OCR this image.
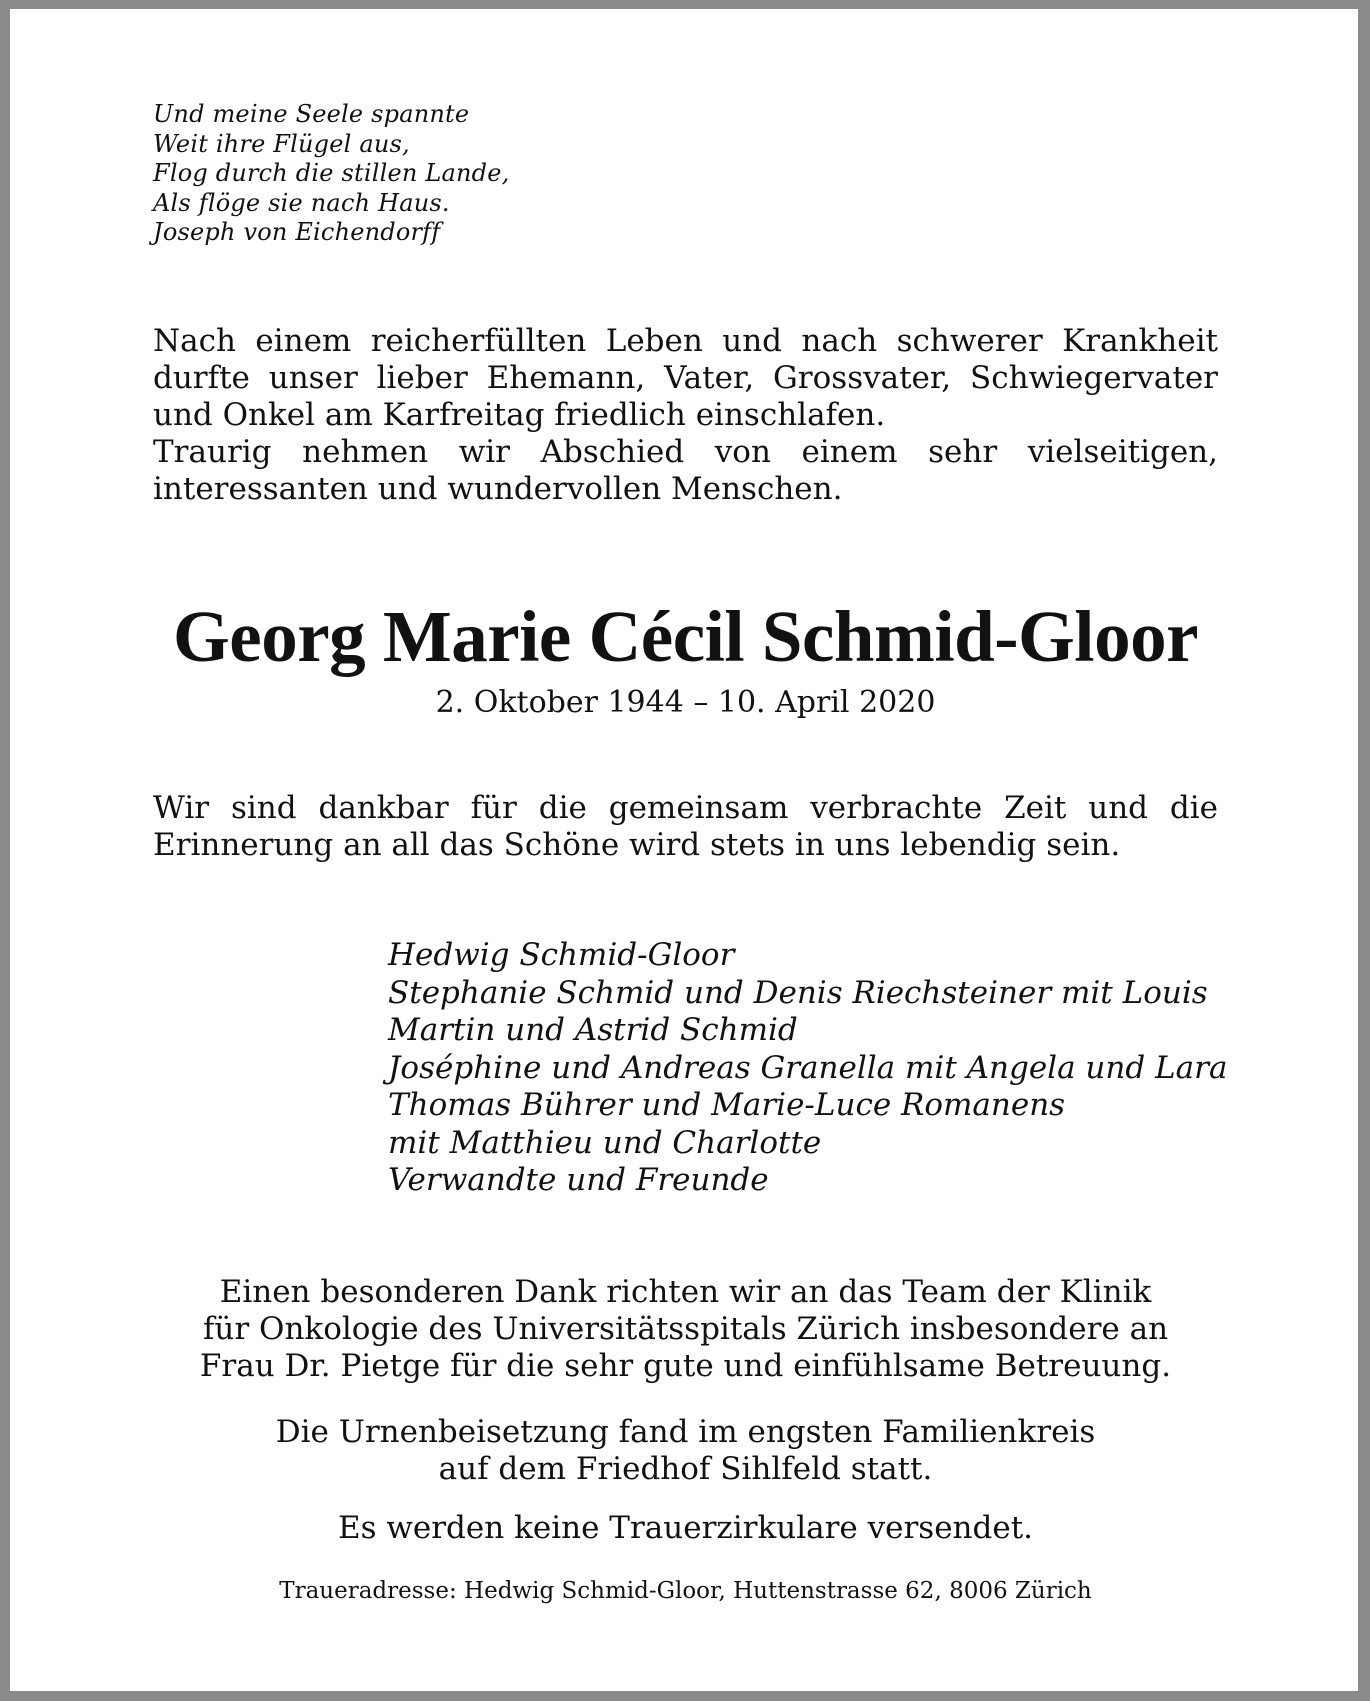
Und meine Seele spannte
Weit ihre Flügel aus,
Flog durch die stillen Lande,
Als flöge sie nach Haus.
Joseph von Eichendorff
Nach einem reicherfüllten Leben und nach schwerer Krankheit
durfte unser lieber Ehemann, Vater, Grossvater, Schwiegervater
und Onkel am Karfreitag friedlich einschlafen.
Traurig nehmen wir Abschied von einem sehr vielseitigen,
interessanten und wundervollen Menschen.
Georg Marie Cécil Schmid-Gloor
2. Oktober 1944 – 10. April 2020
Wir sind dankbar für die gemeinsam verbrachte Zeit und die
Erinnerung an all das Schöne wird stets in uns lebendig sein.
Hedwig Schmid-Gloor
Stephanie Schmid und Denis Riechsteiner mit Louis
Martin und Astrid Schmid
Joséphine und Andreas Granella mit Angela und Lara
Thomas Bührer und Marie-Luce Romanens
mit Matthieu und Charlotte
Verwandte und Freunde
Einen besonderen Dank richten wir an das Team der Klinik
für Onkologie des Universitätsspitals Zürich insbesondere an
Frau Dr. Pietge für die sehr gute und einfühlsame Betreuung.
Die Urnenbeisetzung fand im engsten Familienkreis
auf dem Friedhof Sihlfeld statt.
Es werden keine Trauerzirkulare versendet.
Traueradresse: Hedwig Schmid-Gloor, Huttenstrasse 62, 8006 Zürich
